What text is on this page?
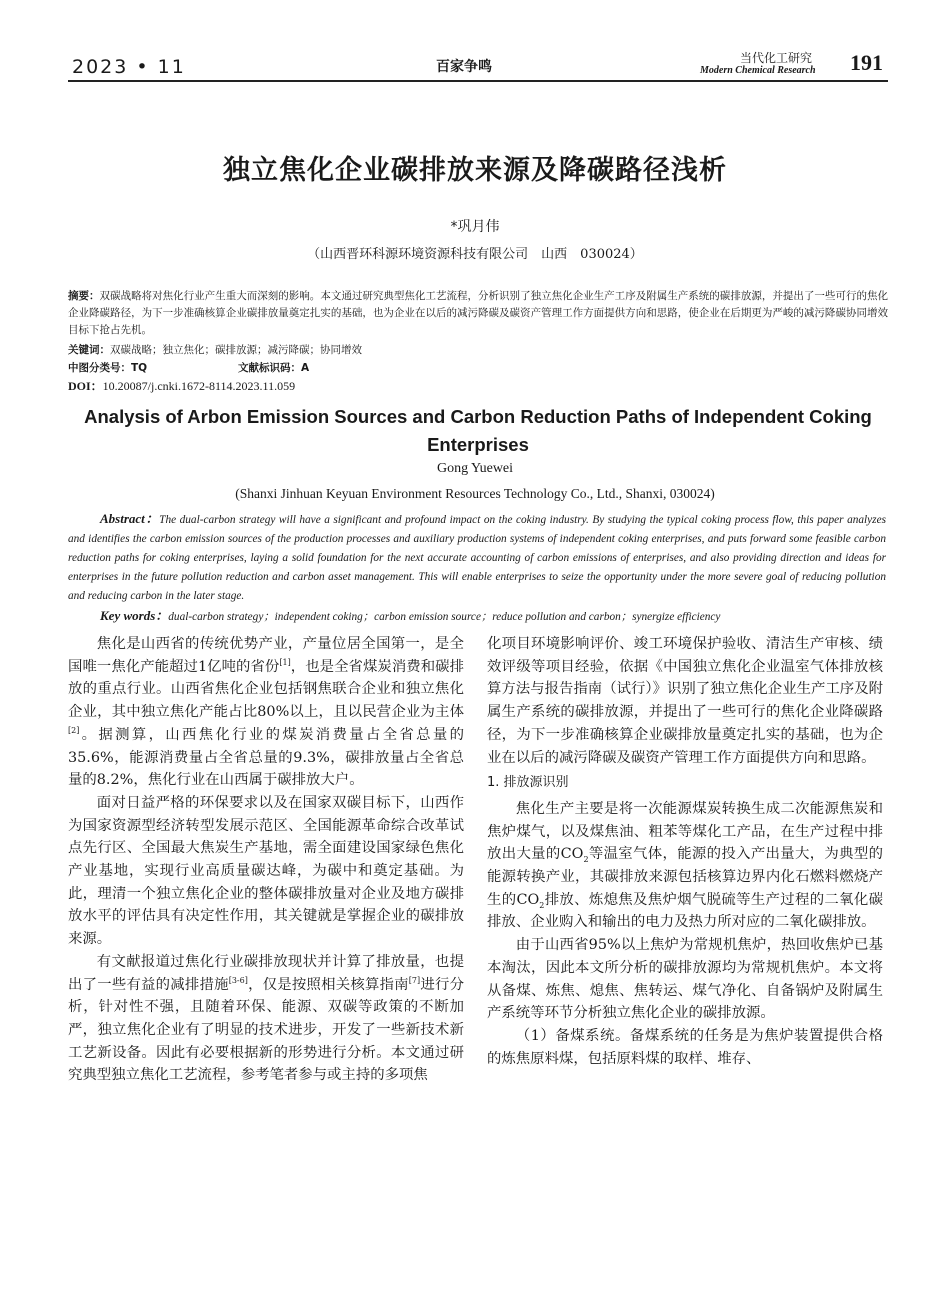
2023 • 11	百家争鸣
当代化工研究
Modern Chemical Research 191
独立焦化企业碳排放来源及降碳路径浅析
*巩月伟
（山西晋环科源环境资源科技有限公司　山西　030024）
摘要：双碳战略将对焦化行业产生重大而深刻的影响。本文通过研究典型焦化工艺流程，分析识别了独立焦化企业生产工序及附属生产系统的碳排放源，并提出了一些可行的焦化企业降碳路径，为下一步准确核算企业碳排放量奠定扎实的基础，也为企业在以后的减污降碳及碳资产管理工作方面提供方向和思路，使企业在后期更为严峻的减污降碳协同增效目标下抢占先机。
关键词：双碳战略；独立焦化；碳排放源；减污降碳；协同增效
中图分类号：TQ	文献标识码：A
DOI：10.20087/j.cnki.1672-8114.2023.11.059
Analysis of Arbon Emission Sources and Carbon Reduction Paths of Independent Coking Enterprises
Gong Yuewei
(Shanxi Jinhuan Keyuan Environment Resources Technology Co., Ltd., Shanxi, 030024)
Abstract：The dual-carbon strategy will have a significant and profound impact on the coking industry. By studying the typical coking process flow, this paper analyzes and identifies the carbon emission sources of the production processes and auxiliary production systems of independent coking enterprises, and puts forward some feasible carbon reduction paths for coking enterprises, laying a solid foundation for the next accurate accounting of carbon emissions of enterprises, and also providing direction and ideas for enterprises in the future pollution reduction and carbon asset management. This will enable enterprises to seize the opportunity under the more severe goal of reducing pollution and reducing carbon in the later stage.
Key words：dual-carbon strategy；independent coking；carbon emission source；reduce pollution and carbon；synergize efficiency

焦化是山西省的传统优势产业，产量位居全国第一，是全国唯一焦化产能超过1亿吨的省份[1]，也是全省煤炭消费和碳排放的重点行业。山西省焦化企业包括钢焦联合企业和独立焦化企业，其中独立焦化产能占比80%以上，且以民营企业为主体[2]。据测算，山西焦化行业的煤炭消费量占全省总量的35.6%，能源消费量占全省总量的9.3%，碳排放量占全省总量的8.2%，焦化行业在山西属于碳排放大户。

面对日益严格的环保要求以及在国家双碳目标下，山西作为国家资源型经济转型发展示范区、全国能源革命综合改革试点先行区、全国最大焦炭生产基地，需全面建设国家绿色焦化产业基地，实现行业高质量碳达峰，为碳中和奠定基础。为此，理清一个独立焦化企业的整体碳排放量对企业及地方碳排放水平的评估具有决定性作用，其关键就是掌握企业的碳排放来源。

有文献报道过焦化行业碳排放现状并计算了排放量，也提出了一些有益的减排措施[3-6]，仅是按照相关核算指南[7]进行分析，针对性不强，且随着环保、能源、双碳等政策的不断加严，独立焦化企业有了明显的技术进步，开发了一些新技术新工艺新设备。因此有必要根据新的形势进行分析。本文通过研究典型独立焦化工艺流程，参考笔者参与或主持的多项焦

化项目环境影响评价、竣工环境保护验收、清洁生产审核、绩效评级等项目经验，依据《中国独立焦化企业温室气体排放核算方法与报告指南（试行）》识别了独立焦化企业生产工序及附属生产系统的碳排放源，并提出了一些可行的焦化企业降碳路径，为下一步准确核算企业碳排放量奠定扎实的基础，也为企业在以后的减污降碳及碳资产管理工作方面提供方向和思路。

1. 排放源识别

焦化生产主要是将一次能源煤炭转换生成二次能源焦炭和焦炉煤气，以及煤焦油、粗苯等煤化工产品，在生产过程中排放出大量的$CO_2$等温室气体，能源的投入产出量大，为典型的能源转换产业，其碳排放来源包括核算边界内化石燃料燃烧产生的$CO_2$排放、炼熄焦及焦炉烟气脱硫等生产过程的二氧化碳排放、企业购入和输出的电力及热力所对应的二氧化碳排放。

由于山西省95%以上焦炉为常规机焦炉，热回收焦炉已基本淘汰，因此本文所分析的碳排放源均为常规机焦炉。本文将从备煤、炼焦、熄焦、焦转运、煤气净化、自备锅炉及附属生产系统等环节分析独立焦化企业的碳排放源。

（1）备煤系统。备煤系统的任务是为焦炉装置提供合格的炼焦原料煤，包括原料煤的取样、堆存、
